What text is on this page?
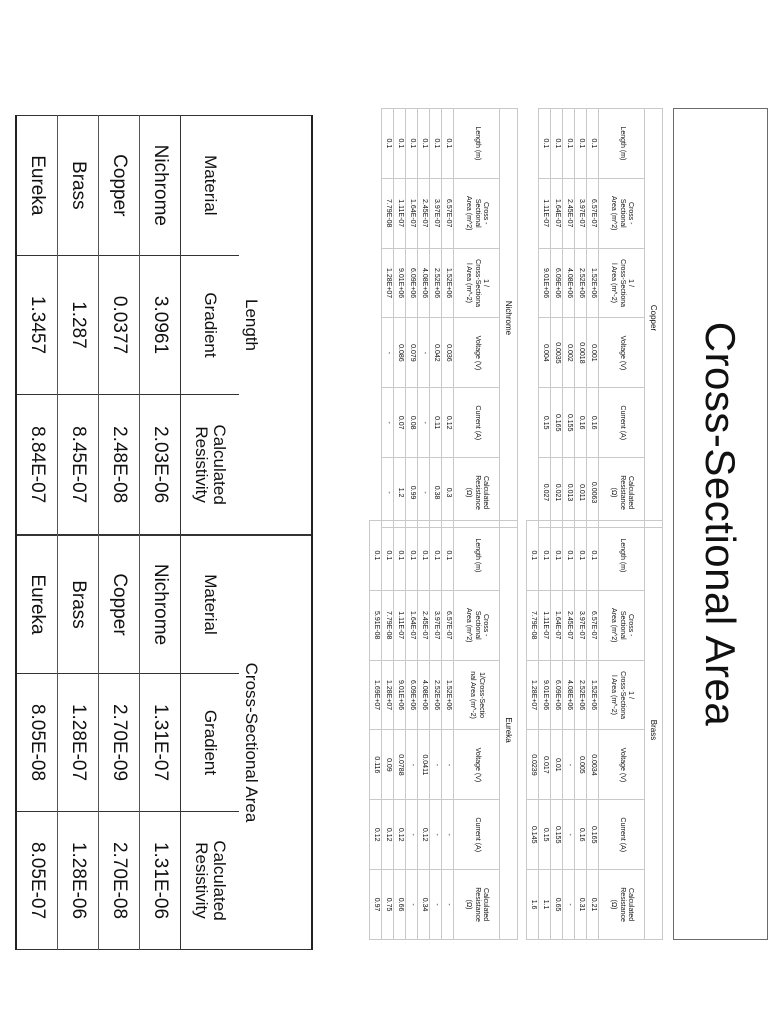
Cross-Sectional Area
Copper
Length (m)	Cross -
Sectional
Area (m^2)	1 /
Cross-Sectiona
l Area (m^-2)	Voltage (V)	Current (A)	Calculated
Resistance
(Ω)
0.1	6.57E-07	1.52E+06	0.001	0.16	0.0063
0.1	3.97E-07	2.52E+06	0.0018	0.16	0.011
0.1	2.45E-07	4.08E+06	0.002	0.155	0.013
0.1	1.64E-07	6.09E+06	0.0035	0.165	0.021
0.1	1.11E-07	9.01E+06	0.004	0.15	0.027
Brass
Length (m)	Cross -
Sectional
Area (m^2)	1 /
Cross-Sectiona
l Area (m^-2)	Voltage (V)	Current (A)	Calculated
Resistance
(Ω)
0.1	6.57E-07	1.52E+06	0.0034	0.165	0.21
0.1	3.97E-07	2.52E+06	0.005	0.16	0.31
0.1	2.45E-07	4.08E+06	-	-	-
0.1	1.64E-07	6.09E+06	0.01	0.155	0.65
0.1	1.11E-07	9.01E+06	0.017	0.15	1.1
0.1	7.79E-08	1.28E+07	0.0239	0.145	1.6
Nichrome
Length (m)	Cross -
Sectional
Area (m^2)	1 /
Cross-Sectiona
l Area (m^-2)	Voltage (V)	Current (A)	Calculated
Resistance
(Ω)
0.1	6.57E-07	1.52E+06	0.036	0.12	0.3
0.1	3.97E-07	2.52E+06	0.042	0.11	0.38
0.1	2.45E-07	4.08E+06	-	-	-
0.1	1.64E-07	6.09E+06	0.079	0.08	0.99
0.1	1.11E-07	9.01E+06	0.086	0.07	1.2
0.1	7.79E-08	1.28E+07	-	-	-
Eureka
Length (m)	Cross -
Sectional
Area (m^2)	1/Cross-Sectio
nal Area (m^-2)	Voltage (V)	Current (A)	Calculated
Resistance
(Ω)
0.1	6.57E-07	1.52E+06	-	-	-
0.1	3.97E-07	2.52E+06	-	-	-
0.1	2.45E-07	4.08E+06	0.0411	0.12	0.34
0.1	1.64E-07	6.09E+06	-	-	-
0.1	1.11E-07	9.01E+06	0.0788	0.12	0.66
0.1	7.79E-08	1.28E+07	0.09	0.12	0.75
0.1	5.91E-08	1.69E+07	0.116	0.12	0.97
Length		
Material	Gradient	Calculated
Resistivity
Nichrome	3.0961	2.03E-06
Copper	0.0377	2.48E-08
Brass	1.287	8.45E-07
Eureka	1.3457	8.84E-07
Cross-Sectional Area		
Material	Gradient	Calculated
Resistivity
Nichrome	1.31E-07	1.31E-06
Copper	2.70E-09	2.70E-08
Brass	1.28E-07	1.28E-06
Eureka	8.05E-08	8.05E-07
